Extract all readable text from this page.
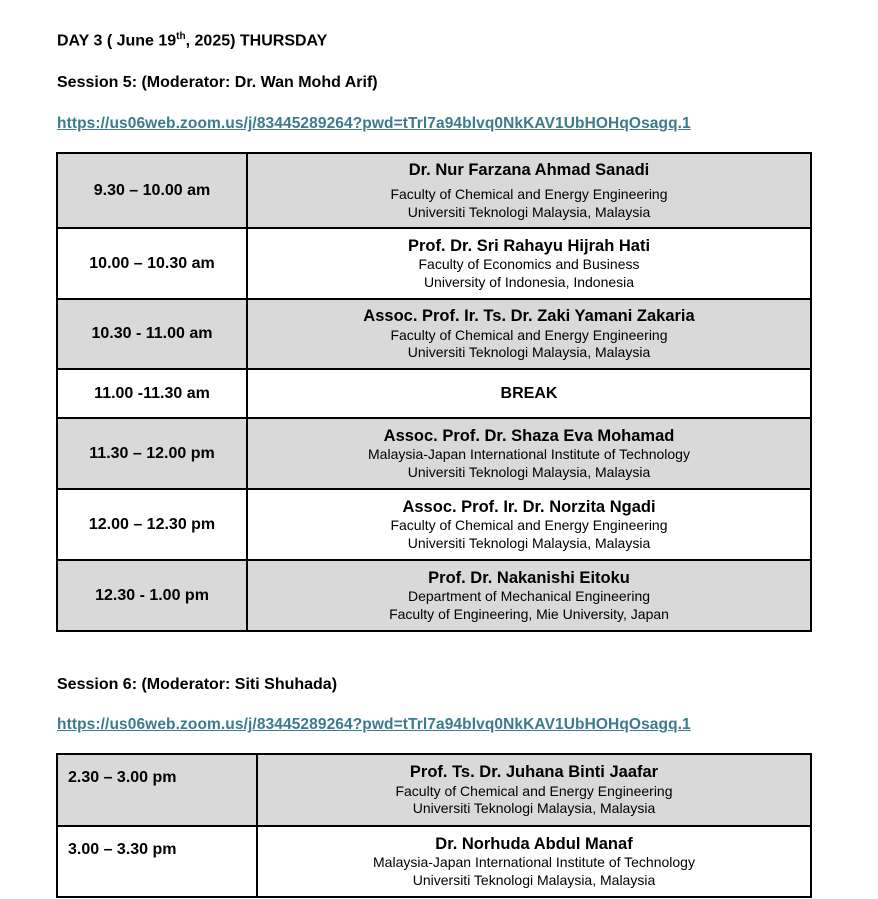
DAY 3 ( June 19th, 2025) THURSDAY
Session 5: (Moderator: Dr. Wan Mohd Arif)
https://us06web.zoom.us/j/83445289264?pwd=tTrl7a94blvq0NkKAV1UbHOHqOsagq.1
9.30 – 10.00 am	Dr. Nur Farzana Ahmad Sanadi
Faculty of Chemical and Energy Engineering
Universiti Teknologi Malaysia, Malaysia

10.00 – 10.30 am	Prof. Dr. Sri Rahayu Hijrah Hati
Faculty of Economics and Business
University of Indonesia, Indonesia

10.30 - 11.00 am	Assoc. Prof. Ir. Ts. Dr. Zaki Yamani Zakaria
Faculty of Chemical and Energy Engineering
Universiti Teknologi Malaysia, Malaysia

11.00 -11.30 am	BREAK
11.30 – 12.00 pm	Assoc. Prof. Dr. Shaza Eva Mohamad
Malaysia-Japan International Institute of Technology
Universiti Teknologi Malaysia, Malaysia

12.00 – 12.30 pm	Assoc. Prof. Ir. Dr. Norzita Ngadi
Faculty of Chemical and Energy Engineering
Universiti Teknologi Malaysia, Malaysia

12.30 - 1.00 pm	Prof. Dr. Nakanishi Eitoku
Department of Mechanical Engineering
Faculty of Engineering, Mie University, Japan
Session 6: (Moderator: Siti Shuhada)
https://us06web.zoom.us/j/83445289264?pwd=tTrl7a94blvq0NkKAV1UbHOHqOsagq.1
2.30 – 3.00 pm	Prof. Ts. Dr. Juhana Binti Jaafar
Faculty of Chemical and Energy Engineering
Universiti Teknologi Malaysia, Malaysia

3.00 – 3.30 pm	Dr. Norhuda Abdul Manaf
Malaysia-Japan International Institute of Technology
Universiti Teknologi Malaysia, Malaysia
